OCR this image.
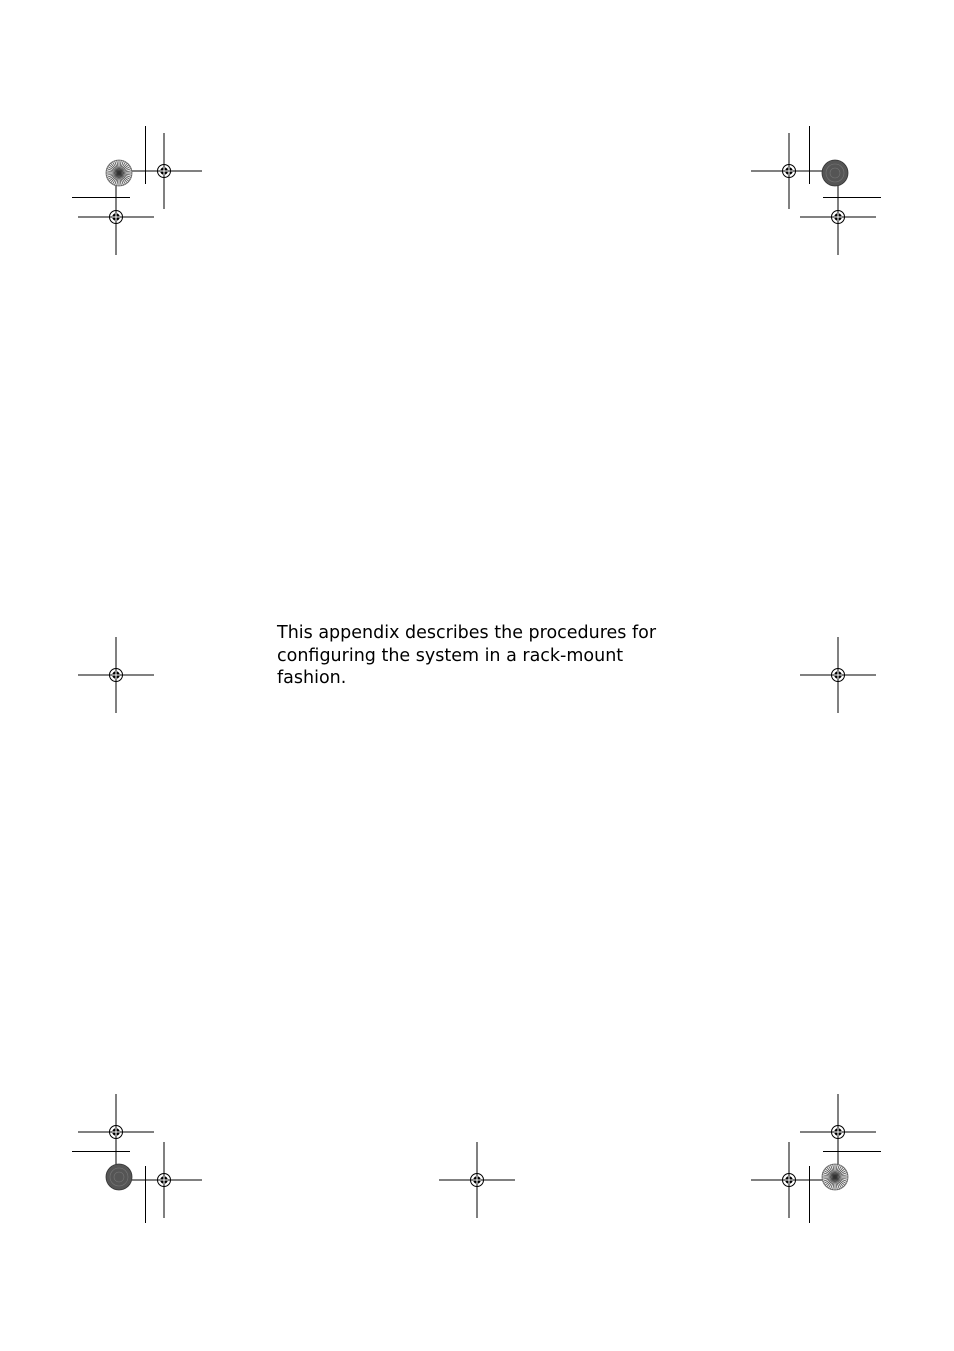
This appendix describes the procedures for configuring the system in a rack-mount fashion.
